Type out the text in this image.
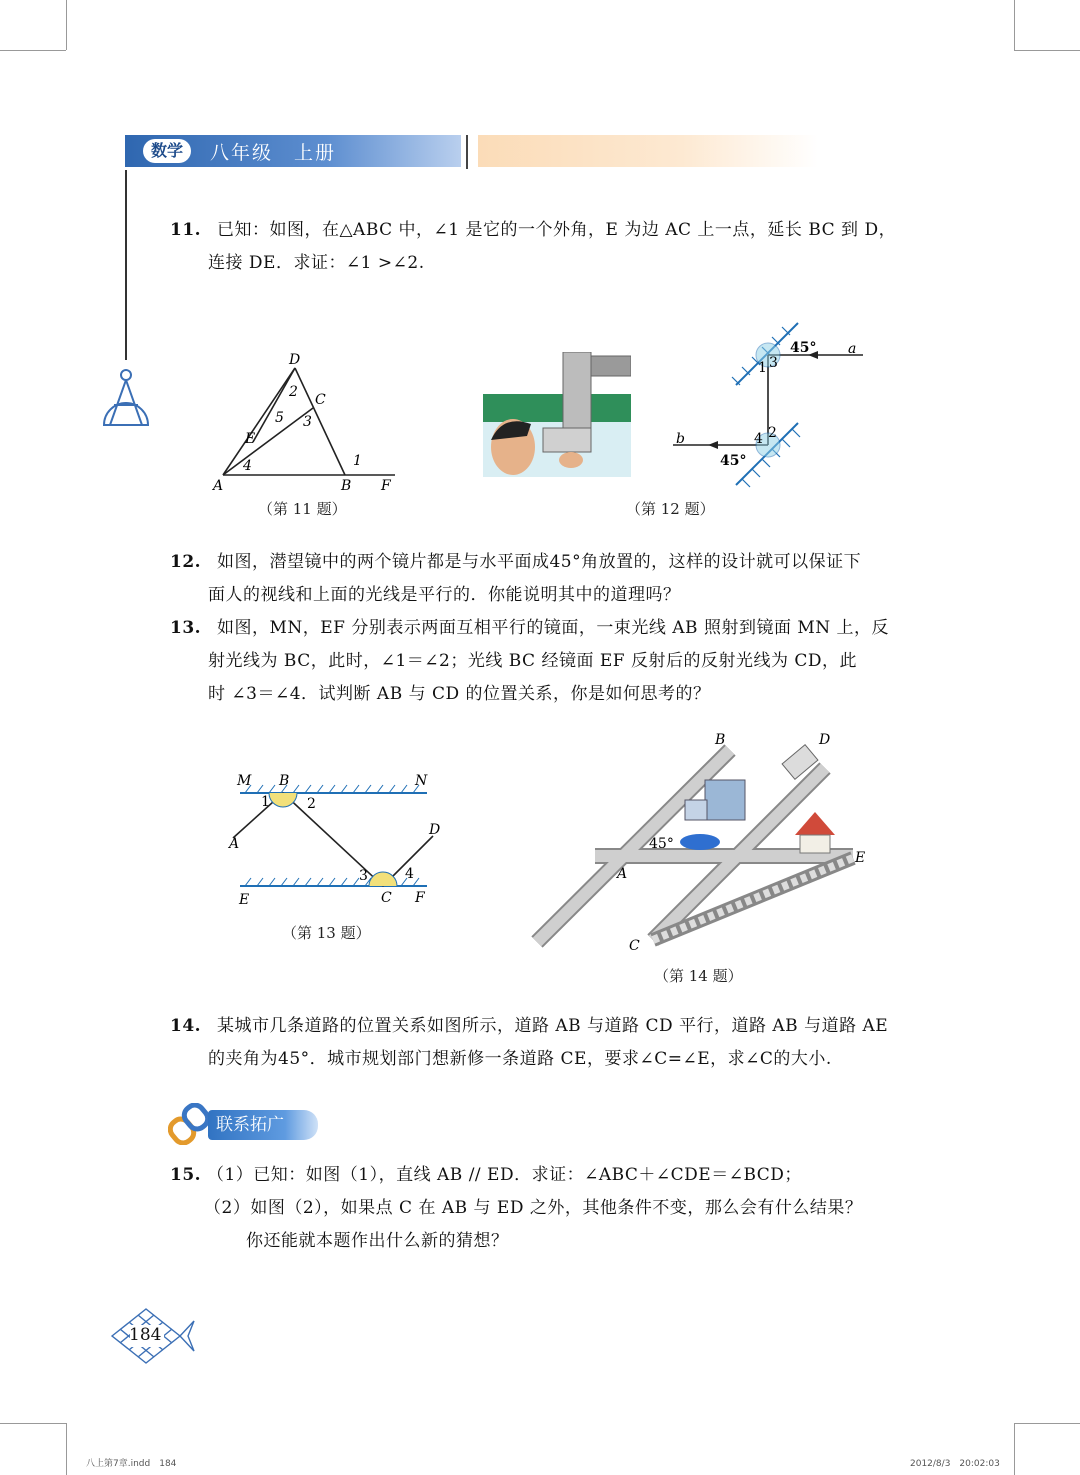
数学	八年级　上册
11. 已知：如图，在△ABC 中，∠1 是它的一个外角，E 为边 AC 上一点，延长 BC 到 D，
连接 DE．求证：∠1 >∠2.
D
C
E
A	B F
1
2
3
4
5
（第 11 题）
a
b
45°
45°
1 3
4 2
（第 12 题）
12. 如图，潜望镜中的两个镜片都是与水平面成45°角放置的，这样的设计就可以保证下
面人的视线和上面的光线是平行的．你能说明其中的道理吗？
13. 如图，MN，EF 分别表示两面互相平行的镜面，一束光线 AB 照射到镜面 MN 上，反
射光线为 BC，此时，∠1＝∠2；光线 BC 经镜面 EF 反射后的反射光线为 CD，此
时 ∠3＝∠4．试判断 AB 与 CD 的位置关系，你是如何思考的？
M B	N
A
D
E	C F
1	2
3	4
（第 13 题）
B	D
A
E
C
45°
（第 14 题）
14. 某城市几条道路的位置关系如图所示，道路 AB 与道路 CD 平行，道路 AB 与道路 AE
的夹角为45°．城市规划部门想新修一条道路 CE，要求∠C=∠E，求∠C的大小.
联系拓广
15. （1）已知：如图（1），直线 AB // ED．求证：∠ABC＋∠CDE＝∠BCD；
（2）如图（2），如果点 C 在 AB 与 ED 之外，其他条件不变，那么会有什么结果？
你还能就本题作出什么新的猜想？
184
八上第7章.indd　184	2012/8/3　20:02:03
